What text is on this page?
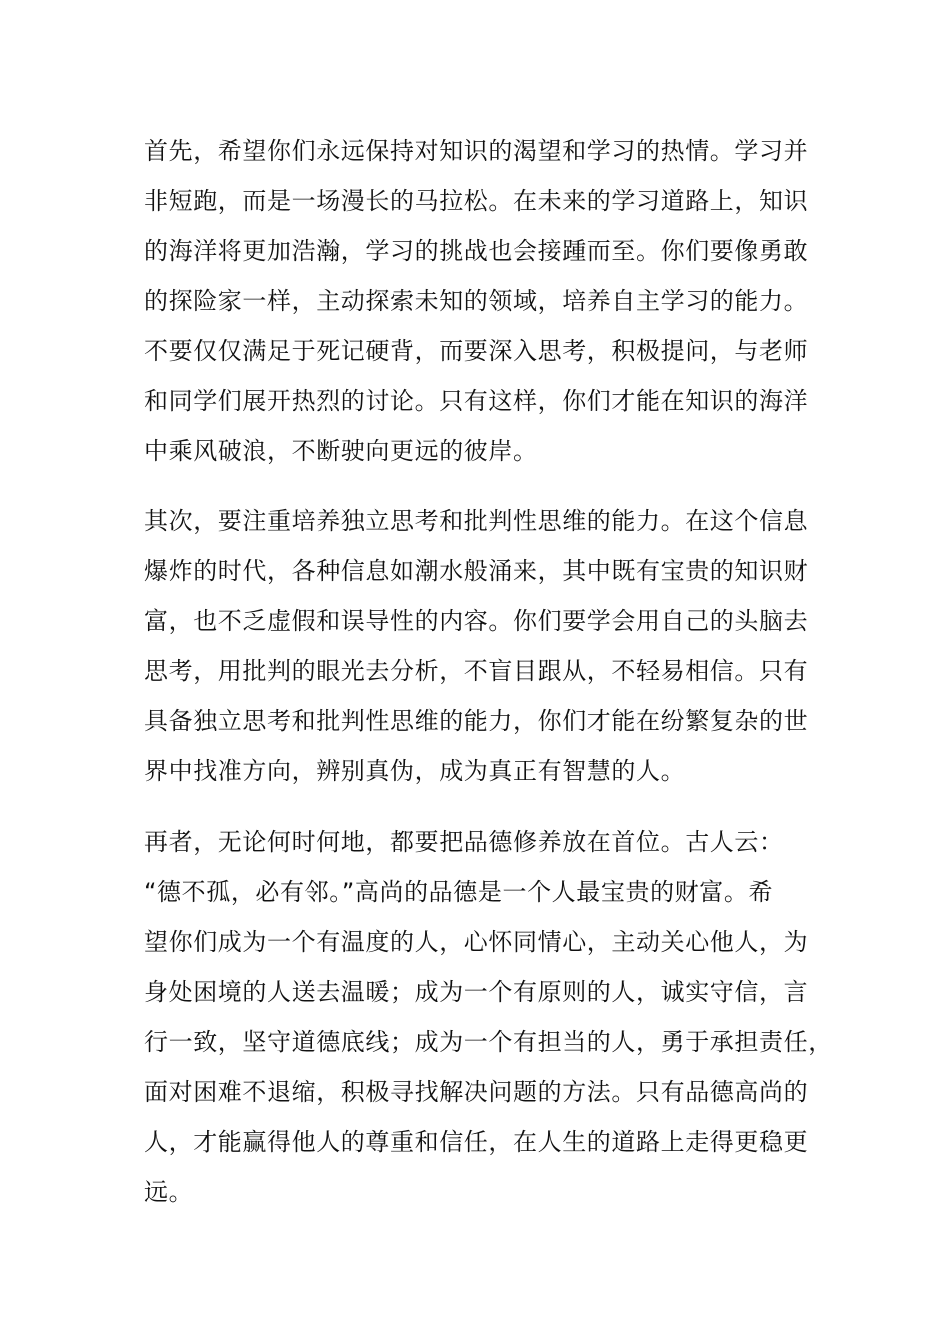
首先，希望你们永远保持对知识的渴望和学习的热情。学习并
非短跑，而是一场漫长的马拉松。在未来的学习道路上，知识
的海洋将更加浩瀚，学习的挑战也会接踵而至。你们要像勇敢
的探险家一样，主动探索未知的领域，培养自主学习的能力。
不要仅仅满足于死记硬背，而要深入思考，积极提问，与老师
和同学们展开热烈的讨论。只有这样，你们才能在知识的海洋
中乘风破浪，不断驶向更远的彼岸。
其次，要注重培养独立思考和批判性思维的能力。在这个信息
爆炸的时代，各种信息如潮水般涌来，其中既有宝贵的知识财
富，也不乏虚假和误导性的内容。你们要学会用自己的头脑去
思考，用批判的眼光去分析，不盲目跟从，不轻易相信。只有
具备独立思考和批判性思维的能力，你们才能在纷繁复杂的世
界中找准方向，辨别真伪，成为真正有智慧的人。
再者，无论何时何地，都要把品德修养放在首位。古人云：
“德不孤，必有邻。”高尚的品德是一个人最宝贵的财富。希
望你们成为一个有温度的人，心怀同情心，主动关心他人，为
身处困境的人送去温暖；成为一个有原则的人，诚实守信，言
行一致，坚守道德底线；成为一个有担当的人，勇于承担责任，
面对困难不退缩，积极寻找解决问题的方法。只有品德高尚的
人，才能赢得他人的尊重和信任，在人生的道路上走得更稳更
远。
